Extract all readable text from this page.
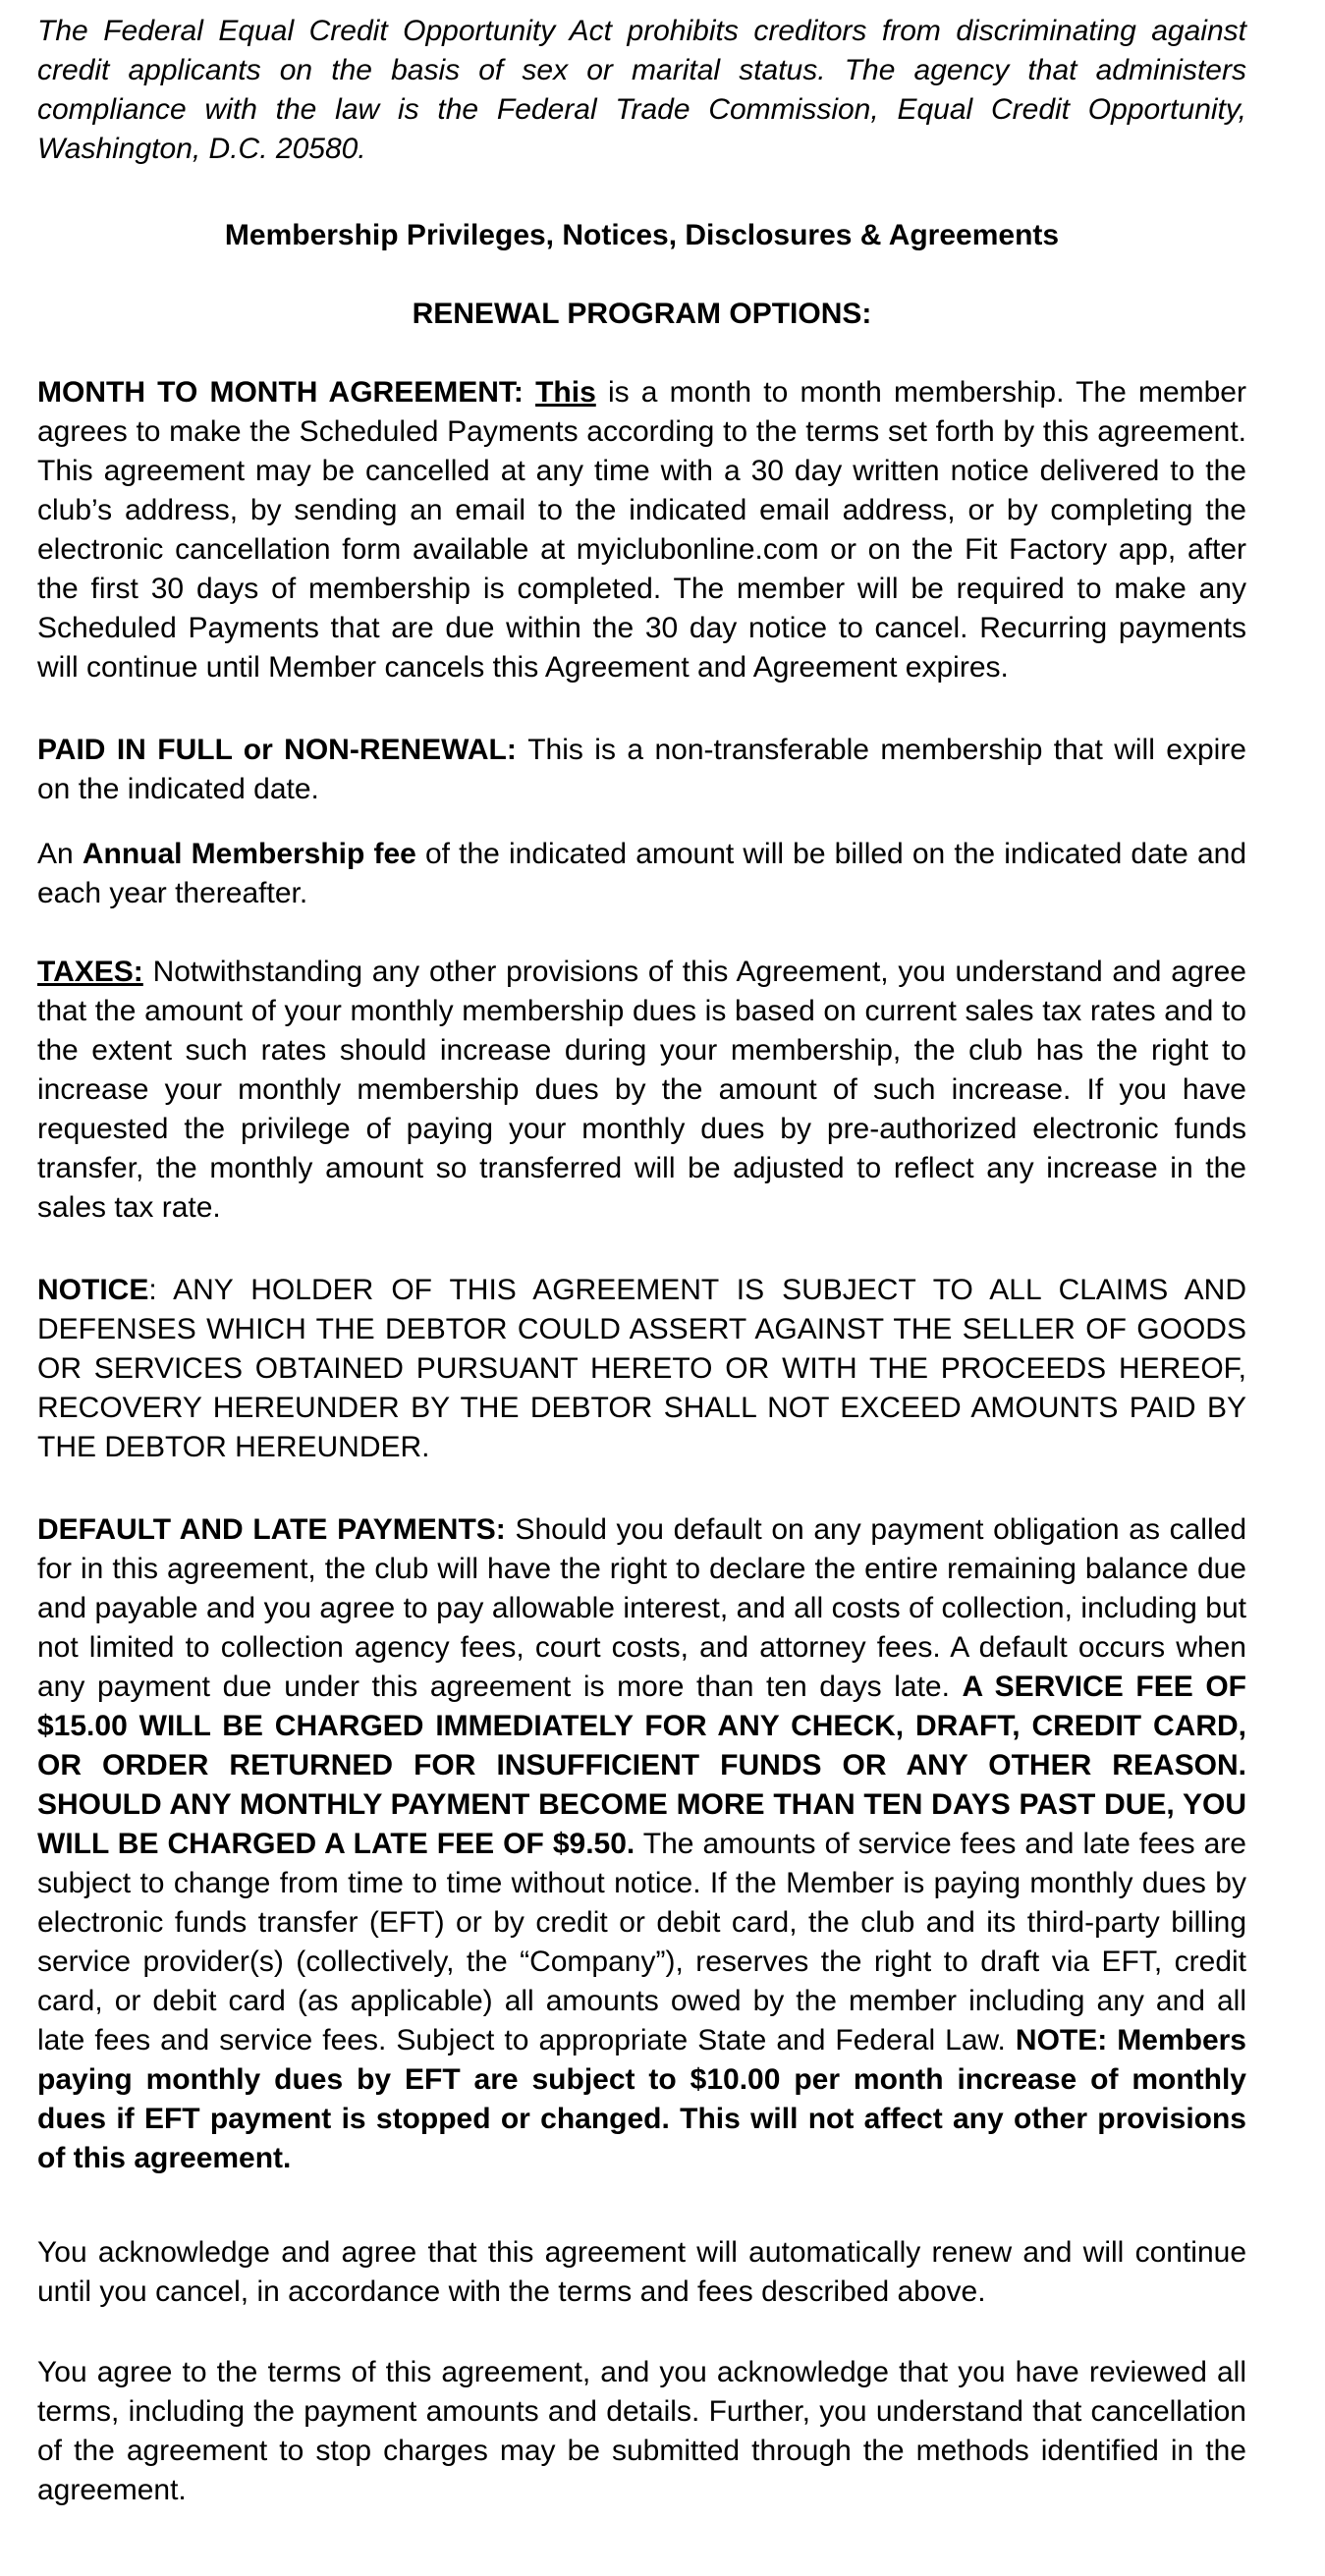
The Federal Equal Credit Opportunity Act prohibits creditors from discriminating against credit applicants on the basis of sex or marital status. The agency that administers compliance with the law is the Federal Trade Commission, Equal Credit Opportunity, Washington, D.C. 20580.

Membership Privileges, Notices, Disclosures & Agreements
RENEWAL PROGRAM OPTIONS:

MONTH TO MONTH AGREEMENT: This is a month to month membership. The member agrees to make the Scheduled Payments according to the terms set forth by this agreement. This agreement may be cancelled at any time with a 30 day written notice delivered to the club’s address, by sending an email to the indicated email address, or by completing the electronic cancellation form available at myiclubonline.com or on the Fit Factory app, after the first 30 days of membership is completed. The member will be required to make any Scheduled Payments that are due within the 30 day notice to cancel. Recurring payments will continue until Member cancels this Agreement and Agreement expires.

PAID IN FULL or NON-RENEWAL: This is a non-transferable membership that will expire on the indicated date.

An Annual Membership fee of the indicated amount will be billed on the indicated date and each year thereafter.

TAXES: Notwithstanding any other provisions of this Agreement, you understand and agree that the amount of your monthly membership dues is based on current sales tax rates and to the extent such rates should increase during your membership, the club has the right to increase your monthly membership dues by the amount of such increase. If you have requested the privilege of paying your monthly dues by pre-authorized electronic funds transfer, the monthly amount so transferred will be adjusted to reflect any increase in the sales tax rate.

NOTICE: ANY HOLDER OF THIS AGREEMENT IS SUBJECT TO ALL CLAIMS AND DEFENSES WHICH THE DEBTOR COULD ASSERT AGAINST THE SELLER OF GOODS OR SERVICES OBTAINED PURSUANT HERETO OR WITH THE PROCEEDS HEREOF, RECOVERY HEREUNDER BY THE DEBTOR SHALL NOT EXCEED AMOUNTS PAID BY THE DEBTOR HEREUNDER.

DEFAULT AND LATE PAYMENTS: Should you default on any payment obligation as called for in this agreement, the club will have the right to declare the entire remaining balance due and payable and you agree to pay allowable interest, and all costs of collection, including but not limited to collection agency fees, court costs, and attorney fees. A default occurs when any payment due under this agreement is more than ten days late. A SERVICE FEE OF $15.00 WILL BE CHARGED IMMEDIATELY FOR ANY CHECK, DRAFT, CREDIT CARD, OR ORDER RETURNED FOR INSUFFICIENT FUNDS OR ANY OTHER REASON. SHOULD ANY MONTHLY PAYMENT BECOME MORE THAN TEN DAYS PAST DUE, YOU WILL BE CHARGED A LATE FEE OF $9.50. The amounts of service fees and late fees are subject to change from time to time without notice. If the Member is paying monthly dues by electronic funds transfer (EFT) or by credit or debit card, the club and its third-party billing service provider(s) (collectively, the “Company”), reserves the right to draft via EFT, credit card, or debit card (as applicable) all amounts owed by the member including any and all late fees and service fees. Subject to appropriate State and Federal Law. NOTE: Members paying monthly dues by EFT are subject to $10.00 per month increase of monthly dues if EFT payment is stopped or changed. This will not affect any other provisions of this agreement.

You acknowledge and agree that this agreement will automatically renew and will continue until you cancel, in accordance with the terms and fees described above.

You agree to the terms of this agreement, and you acknowledge that you have reviewed all terms, including the payment amounts and details. Further, you understand that cancellation of the agreement to stop charges may be submitted through the methods identified in the agreement.
